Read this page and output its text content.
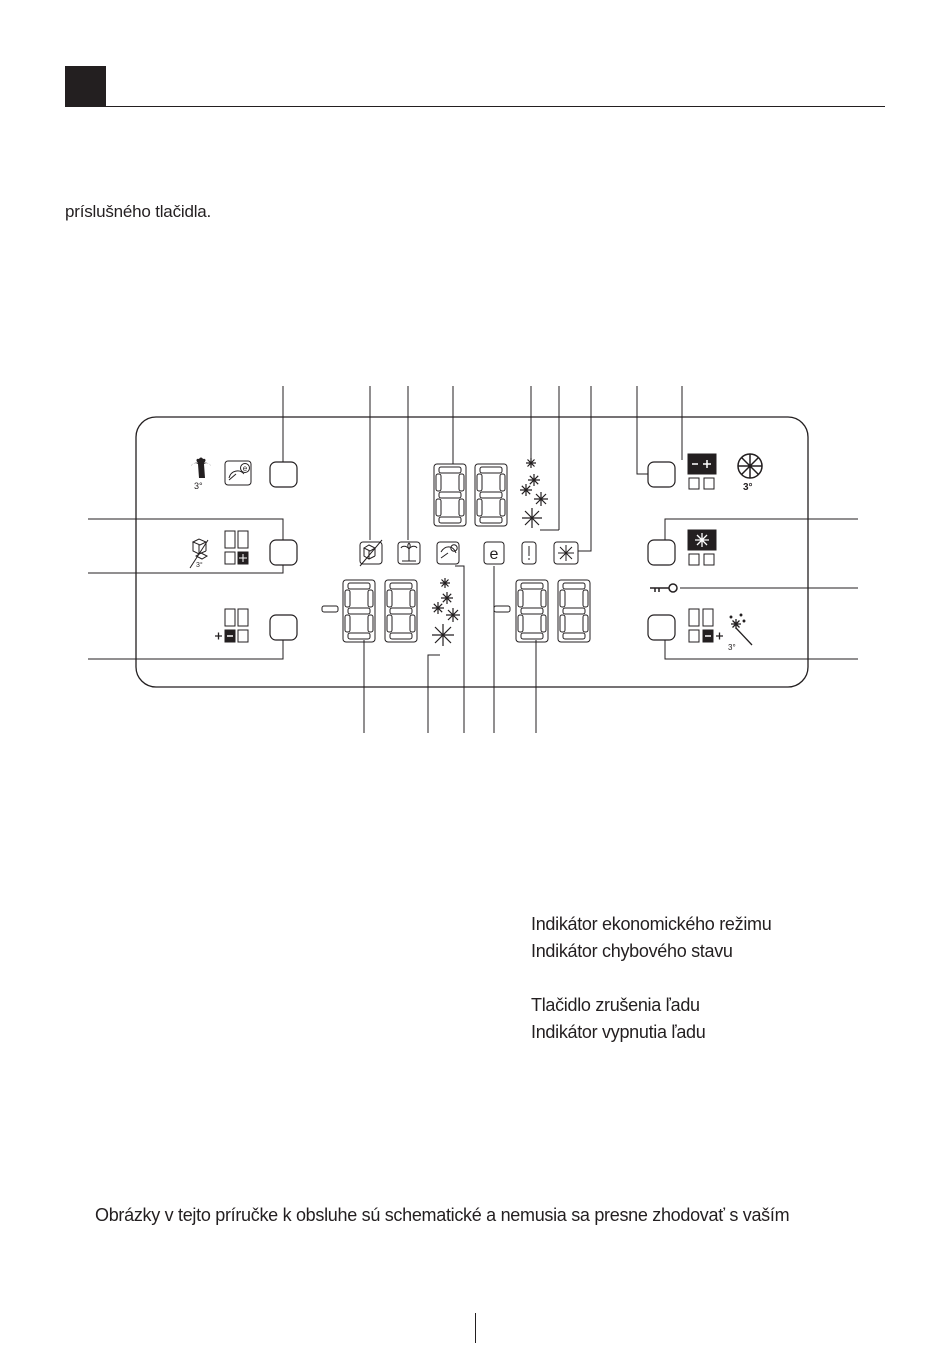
príslušného tlačidla.
e
3°
e
3°
3°
3°
Indikátor ekonomického režimu
Indikátor chybového stavu
Tlačidlo zrušenia ľadu
Indikátor vypnutia ľadu
Obrázky v tejto príručke k obsluhe sú schematické a nemusia sa presne zhodovať s vaším
